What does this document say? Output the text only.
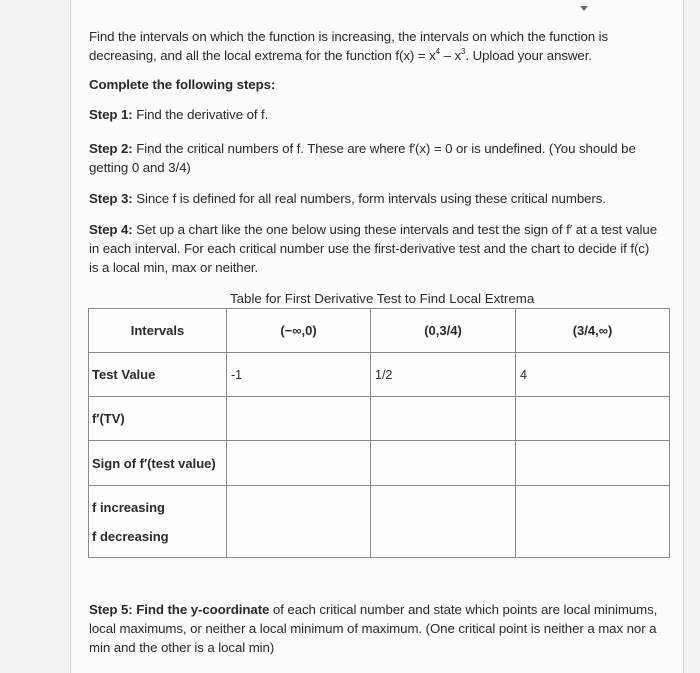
Find the intervals on which the function is increasing, the intervals on which the function is
decreasing, and all the local extrema for the function $f(x) = x^4 - x^3$. Upload your answer.
Complete the following steps:
Step 1: Find the derivative of f.
Step 2: Find the critical numbers of f. These are where f′(x) = 0 or is undefined. (You should be
getting 0 and 3/4)
Step 3: Since f is defined for all real numbers, form intervals using these critical numbers.
Step 4: Set up a chart like the one below using these intervals and test the sign of f′ at a test value
in each interval. For each critical number use the first-derivative test and the chart to decide if f(c)
is a local min, max or neither.
Table for First Derivative Test to Find Local Extrema
Intervals	(−∞,0)	(0,3/4)	(3/4,∞)
Test Value	-1	1/2	4
f′(TV)			
Sign of f′(test value)			

f increasing
f decreasing			

Step 5: Find the y-coordinate of each critical number and state which points are local minimums,
local maximums, or neither a local minimum of maximum. (One critical point is neither a max nor a
min and the other is a local min)
